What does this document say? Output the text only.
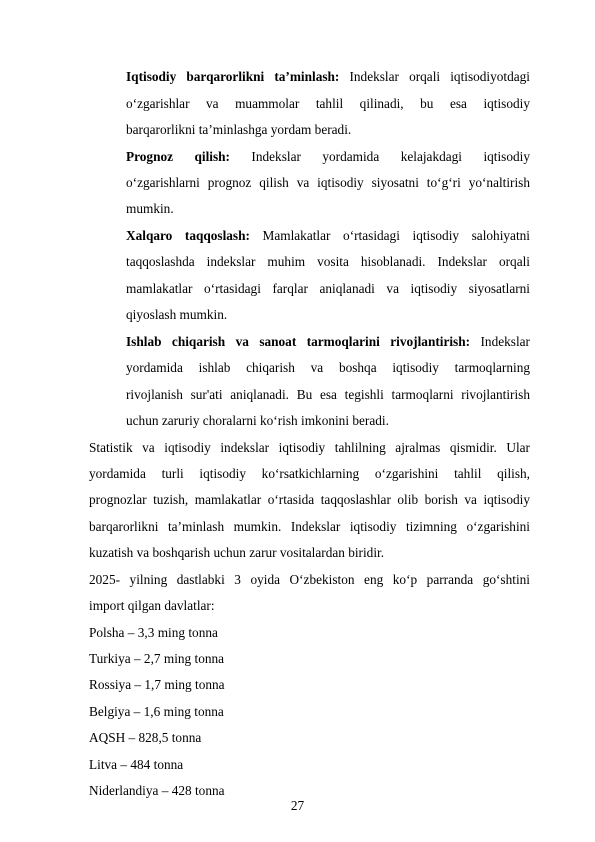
Iqtisodiy barqarorlikni ta’minlash: Indekslar orqali iqtisodiyotdagi
o‘zgarishlar va muammolar tahlil qilinadi, bu esa iqtisodiy
barqarorlikni ta’minlashga yordam beradi.
Prognoz qilish: Indekslar yordamida kelajakdagi iqtisodiy
o‘zgarishlarni prognoz qilish va iqtisodiy siyosatni to‘g‘ri yo‘naltirish
mumkin.
Xalqaro taqqoslash: Mamlakatlar o‘rtasidagi iqtisodiy salohiyatni
taqqoslashda indekslar muhim vosita hisoblanadi. Indekslar orqali
mamlakatlar o‘rtasidagi farqlar aniqlanadi va iqtisodiy siyosatlarni
qiyoslash mumkin.
Ishlab chiqarish va sanoat tarmoqlarini rivojlantirish: Indekslar
yordamida ishlab chiqarish va boshqa iqtisodiy tarmoqlarning
rivojlanish sur'ati aniqlanadi. Bu esa tegishli tarmoqlarni rivojlantirish
uchun zaruriy choralarni ko‘rish imkonini beradi.
Statistik va iqtisodiy indekslar iqtisodiy tahlilning ajralmas qismidir. Ular
yordamida turli iqtisodiy ko‘rsatkichlarning o‘zgarishini tahlil qilish,
prognozlar tuzish, mamlakatlar o‘rtasida taqqoslashlar olib borish va iqtisodiy
barqarorlikni ta’minlash mumkin. Indekslar iqtisodiy tizimning o‘zgarishini
kuzatish va boshqarish uchun zarur vositalardan biridir.
2025- yilning dastlabki 3 oyida O‘zbekiston eng ko‘p parranda go‘shtini
import qilgan davlatlar:
Polsha – 3,3 ming tonna
Turkiya – 2,7 ming tonna
Rossiya – 1,7 ming tonna
Belgiya – 1,6 ming tonna
AQSH – 828,5 tonna
Litva – 484 tonna
Niderlandiya – 428 tonna
27
